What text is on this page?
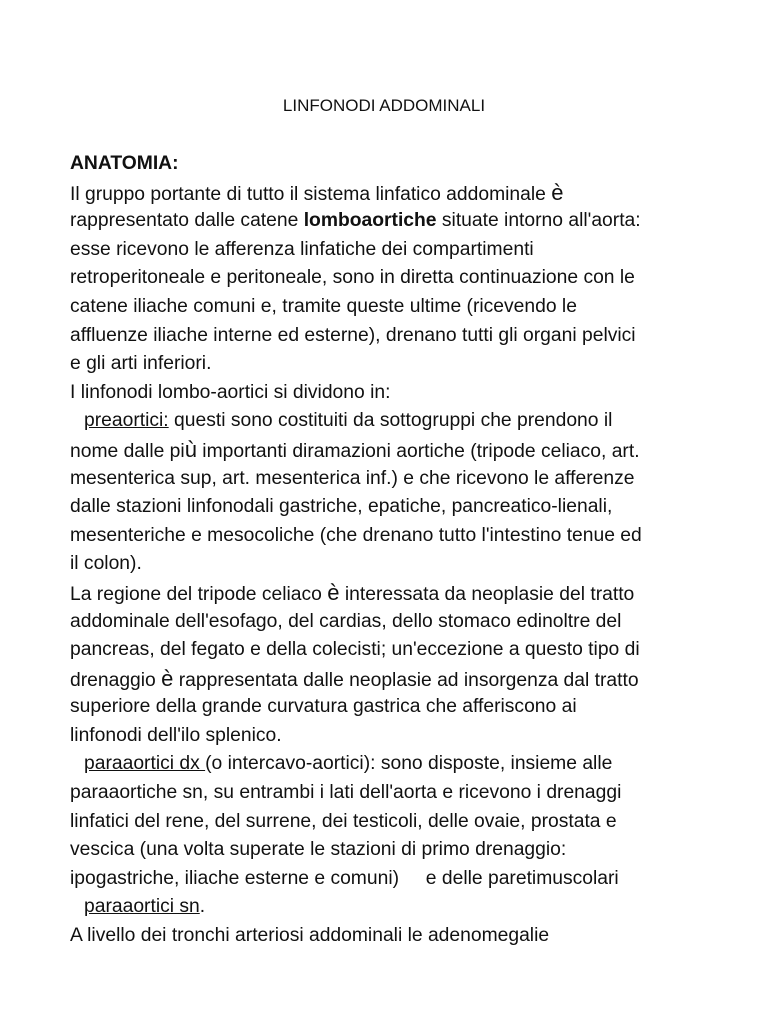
LINFONODI ADDOMINALI
ANATOMIA:
Il gruppo portante di tutto il sistema linfatico addominale è
rappresentato dalle catene lomboaortiche situate intorno all'aorta:
esse ricevono le afferenza linfatiche dei compartimenti
retroperitoneale e peritoneale, sono in diretta continuazione con le
catene iliache comuni e, tramite queste ultime (ricevendo le
affluenze iliache interne ed esterne), drenano tutti gli organi pelvici
e gli arti inferiori.
I linfonodi lombo-aortici si dividono in:
preaortici: questi sono costituiti da sottogruppi che prendono il
nome dalle più importanti diramazioni aortiche (tripode celiaco, art.
mesenterica sup, art. mesenterica inf.) e che ricevono le afferenze
dalle stazioni linfonodali gastriche, epatiche, pancreatico-lienali,
mesenteriche e mesocoliche (che drenano tutto l'intestino tenue ed
il colon).
La regione del tripode celiaco è interessata da neoplasie del tratto
addominale dell'esofago, del cardias, dello stomaco edinoltre del
pancreas, del fegato e della colecisti; un'eccezione a questo tipo di
drenaggio è rappresentata dalle neoplasie ad insorgenza dal tratto
superiore della grande curvatura gastrica che afferiscono ai
linfonodi dell'ilo splenico.
paraaortici dx (o intercavo-aortici): sono disposte, insieme alle
paraaortiche sn, su entrambi i lati dell'aorta e ricevono i drenaggi
linfatici del rene, del surrene, dei testicoli, delle ovaie, prostata e
vescica (una volta superate le stazioni di primo drenaggio:
ipogastriche, iliache esterne e comuni)     e delle paretimuscolari
paraaortici sn.
A livello dei tronchi arteriosi addominali le adenomegalie
